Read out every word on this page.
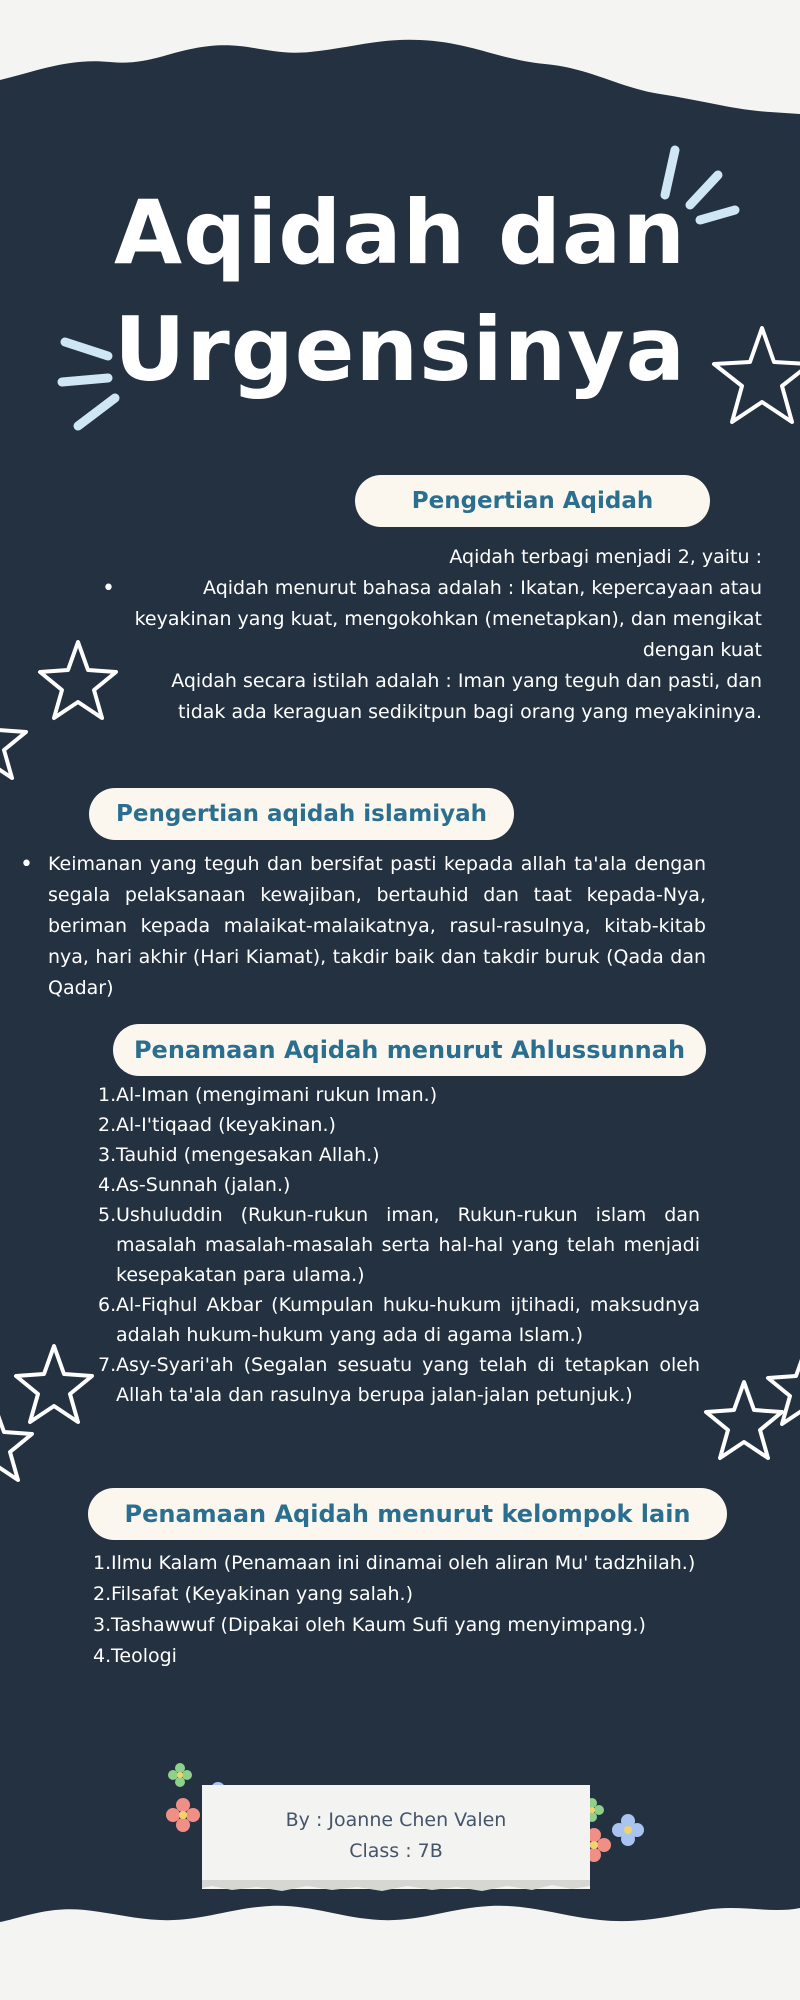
Aqidah dan
Urgensinya
Pengertian Aqidah
Aqidah terbagi menjadi 2, yaitu :
• Aqidah menurut bahasa adalah : Ikatan, kepercayaan atau keyakinan yang kuat, mengokohkan (menetapkan), dan mengikat dengan kuat
Aqidah secara istilah adalah : Iman yang teguh dan pasti, dan tidak ada keraguan sedikitpun bagi orang yang meyakininya.
Pengertian aqidah islamiyah
• Keimanan yang teguh dan bersifat pasti kepada allah ta'ala dengan segala pelaksanaan kewajiban, bertauhid dan taat kepada-Nya, beriman kepada malaikat-malaikatnya, rasul-rasulnya, kitab-kitab nya, hari akhir (Hari Kiamat), takdir baik dan takdir buruk (Qada dan Qadar)
Penamaan Aqidah menurut Ahlussunnah
1. Al-Iman (mengimani rukun Iman.)
2. Al-I'tiqaad (keyakinan.)
3. Tauhid (mengesakan Allah.)
4. As-Sunnah (jalan.)
5. Ushuluddin (Rukun-rukun iman, Rukun-rukun islam dan masalah masalah-masalah serta hal-hal yang telah menjadi kesepakatan para ulama.)
6. Al-Fiqhul Akbar (Kumpulan huku-hukum ijtihadi, maksudnya adalah hukum-hukum yang ada di agama Islam.)
7. Asy-Syari'ah (Segalan sesuatu yang telah di tetapkan oleh Allah ta'ala dan rasulnya berupa jalan-jalan petunjuk.)
Penamaan Aqidah menurut kelompok lain
1. Ilmu Kalam (Penamaan ini dinamai oleh aliran Mu' tadzhilah.)
2. Filsafat (Keyakinan yang salah.)
3. Tashawwuf (Dipakai oleh Kaum Sufi yang menyimpang.)
4. Teologi
By : Joanne Chen Valen
Class : 7B
